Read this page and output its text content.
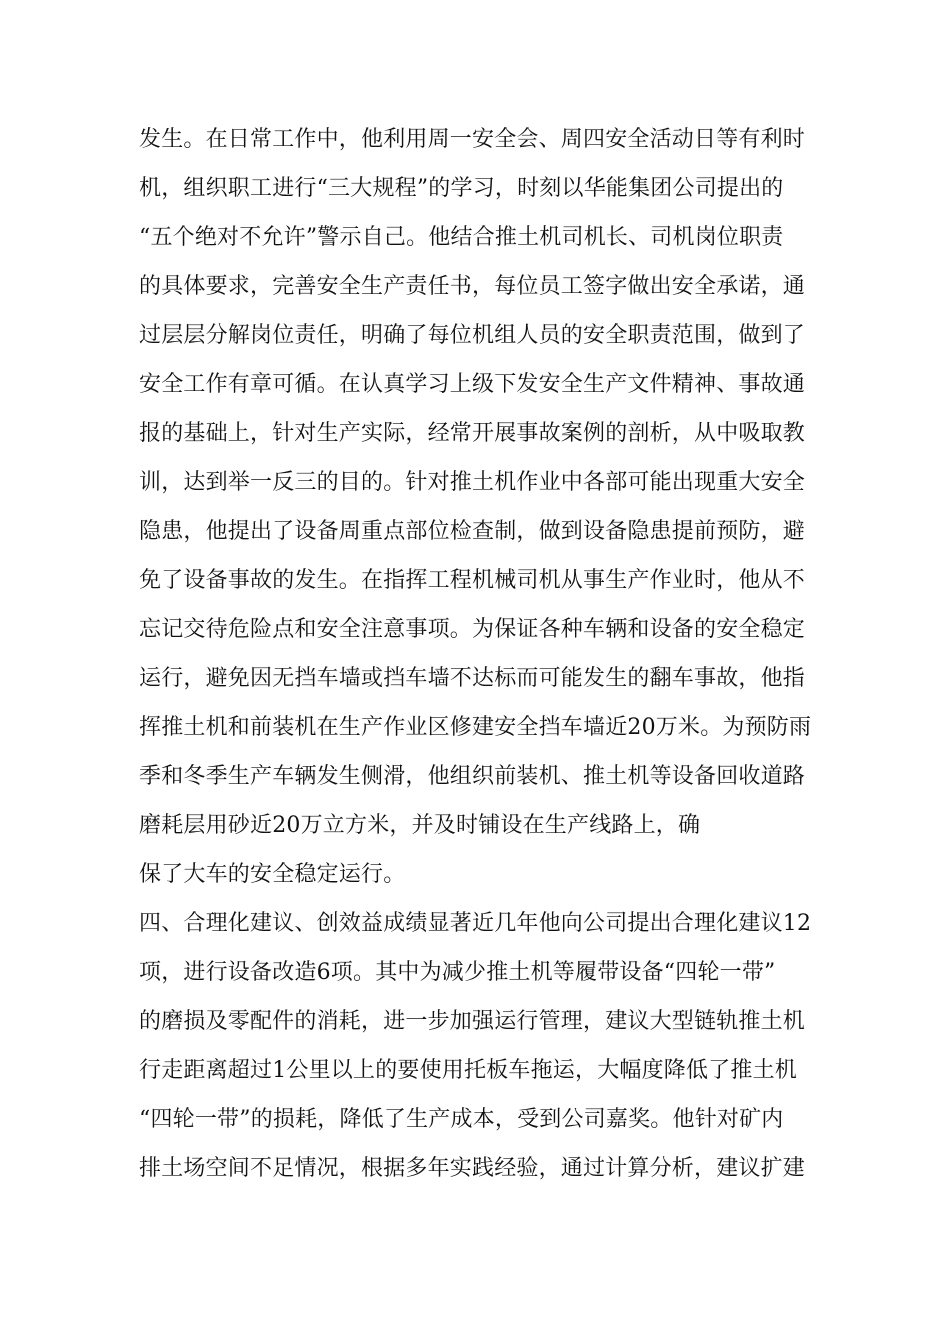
发生。在日常工作中，他利用周一安全会、周四安全活动日等有利时
机，组织职工进行“三大规程”的学习，时刻以华能集团公司提出的
“五个绝对不允许”警示自己。他结合推土机司机长、司机岗位职责
的具体要求，完善安全生产责任书，每位员工签字做出安全承诺，通
过层层分解岗位责任，明确了每位机组人员的安全职责范围，做到了
安全工作有章可循。在认真学习上级下发安全生产文件精神、事故通
报的基础上，针对生产实际，经常开展事故案例的剖析，从中吸取教
训，达到举一反三的目的。针对推土机作业中各部可能出现重大安全
隐患，他提出了设备周重点部位检查制，做到设备隐患提前预防，避
免了设备事故的发生。在指挥工程机械司机从事生产作业时，他从不
忘记交待危险点和安全注意事项。为保证各种车辆和设备的安全稳定
运行，避免因无挡车墙或挡车墙不达标而可能发生的翻车事故，他指
挥推土机和前装机在生产作业区修建安全挡车墙近20万米。为预防雨
季和冬季生产车辆发生侧滑，他组织前装机、推土机等设备回收道路
磨耗层用砂近20万立方米，并及时铺设在生产线路上，确
保了大车的安全稳定运行。
四、合理化建议、创效益成绩显著近几年他向公司提出合理化建议12
项，进行设备改造6项。其中为减少推土机等履带设备“四轮一带”
的磨损及零配件的消耗，进一步加强运行管理，建议大型链轨推土机
行走距离超过1公里以上的要使用托板车拖运，大幅度降低了推土机
“四轮一带”的损耗，降低了生产成本，受到公司嘉奖。他针对矿内
排土场空间不足情况，根据多年实践经验，通过计算分析，建议扩建
